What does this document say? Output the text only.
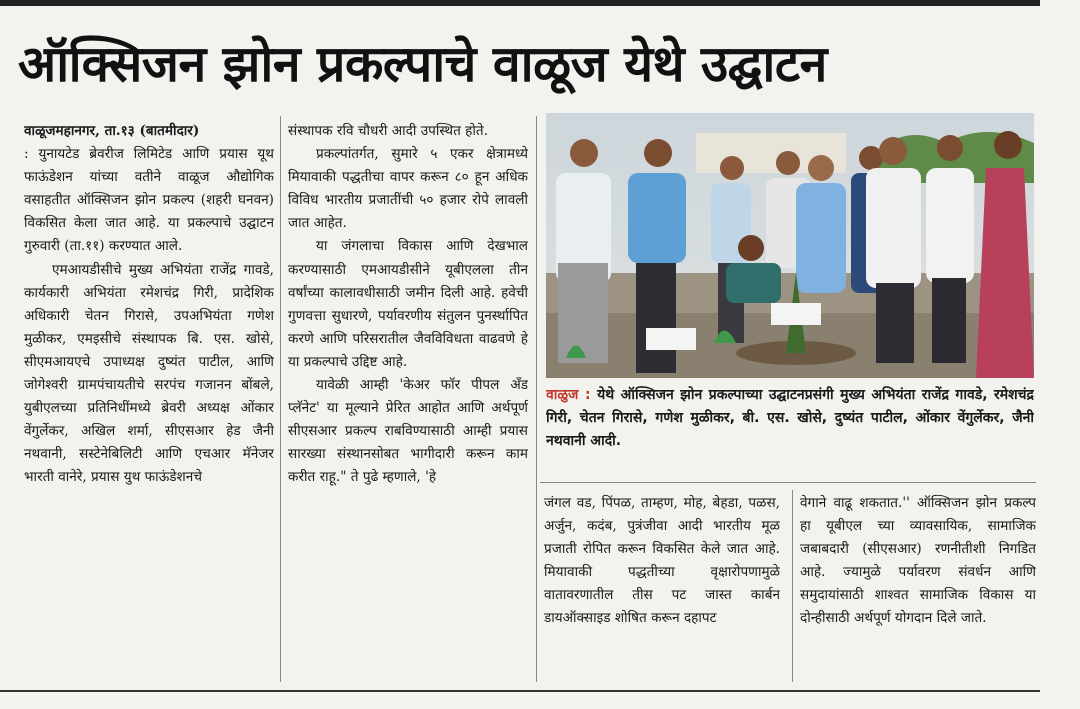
ऑक्सिजन झोन प्रकल्पाचे वाळूज येथे उद्घाटन

वाळूजमहानगर, ता.१३ (बातमीदार)

: युनायटेड ब्रेवरीज लिमिटेड आणि प्रयास यूथ फाऊंडेशन यांच्या वतीने वाळूज औद्योगिक वसाहतीत ऑक्सिजन झोन प्रकल्प (शहरी घनवन) विकसित केला जात आहे. या प्रकल्पाचे उद्घाटन गुरुवारी (ता.११) करण्यात आले.

एमआयडीसीचे मुख्य अभियंता राजेंद्र गावडे, कार्यकारी अभियंता रमेशचंद्र गिरी, प्रादेशिक अधिकारी चेतन गिरासे, उपअभियंता गणेश मुळीकर, एमइसीचे संस्थापक बि. एस. खोसे, सीएमआयएचे उपाध्यक्ष दुष्यंत पाटील, आणि जोगेश्वरी ग्रामपंचायतीचे सरपंच गजानन बोंबले, युबीएलच्या प्रतिनिधींमध्ये ब्रेवरी अध्यक्ष ओंकार वेंगुर्लेकर, अखिल शर्मा, सीएसआर हेड जैनी नथवानी, सस्टेनेबिलिटी आणि एचआर मॅनेजर भारती वानेरे, प्रयास युथ फाऊंडेशनचे

संस्थापक रवि चौधरी आदी उपस्थित होते.

प्रकल्पांतर्गत, सुमारे ५ एकर क्षेत्रामध्ये मियावाकी पद्धतीचा वापर करून ८० हून अधिक विविध भारतीय प्रजातींची ५० हजार रोपे लावली जात आहेत.

या जंगलाचा विकास आणि देखभाल करण्यासाठी एमआयडीसीने यूबीएलला तीन वर्षांच्या कालावधीसाठी जमीन दिली आहे. हवेची गुणवत्ता सुधारणे, पर्यावरणीय संतुलन पुनर्स्थापित करणे आणि परिसरातील जैवविविधता वाढवणे हे या प्रकल्पाचे उद्दिष्ट आहे.

यावेळी आम्ही 'केअर फॉर पीपल अँड प्लॅनेट' या मूल्याने प्रेरित आहोत आणि अर्थपूर्ण सीएसआर प्रकल्प राबविण्यासाठी आम्ही प्रयास सारख्या संस्थानसोबत भागीदारी करून काम करीत राहू." ते पुढे म्हणाले, 'हे

वाळुज : येथे ऑक्सिजन झोन प्रकल्पाच्या उद्घाटनप्रसंगी मुख्य अभियंता राजेंद्र गावडे, रमेशचंद्र गिरी, चेतन गिरासे, गणेश मुळीकर, बी. एस. खोसे, दुष्यंत पाटील, ओंकार वेंगुर्लेकर, जैनी नथवानी आदी.

जंगल वड, पिंपळ, ताम्हण, मोह, बेहडा, पळस, अर्जुन, कदंब, पुत्रंजीवा आदी भारतीय मूळ प्रजाती रोपित करून विकसित केले जात आहे. मियावाकी पद्धतीच्या वृक्षारोपणामुळे वातावरणातील तीस पट जास्त कार्बन डायऑक्साइड शोषित करून दहापट

वेगाने वाढू शकतात.'' ऑक्सिजन झोन प्रकल्प हा यूबीएल च्या व्यावसायिक, सामाजिक जबाबदारी (सीएसआर) रणनीतीशी निगडित आहे. ज्यामुळे पर्यावरण संवर्धन आणि समुदायांसाठी शाश्वत सामाजिक विकास या दोन्हीसाठी अर्थपूर्ण योगदान दिले जाते.
